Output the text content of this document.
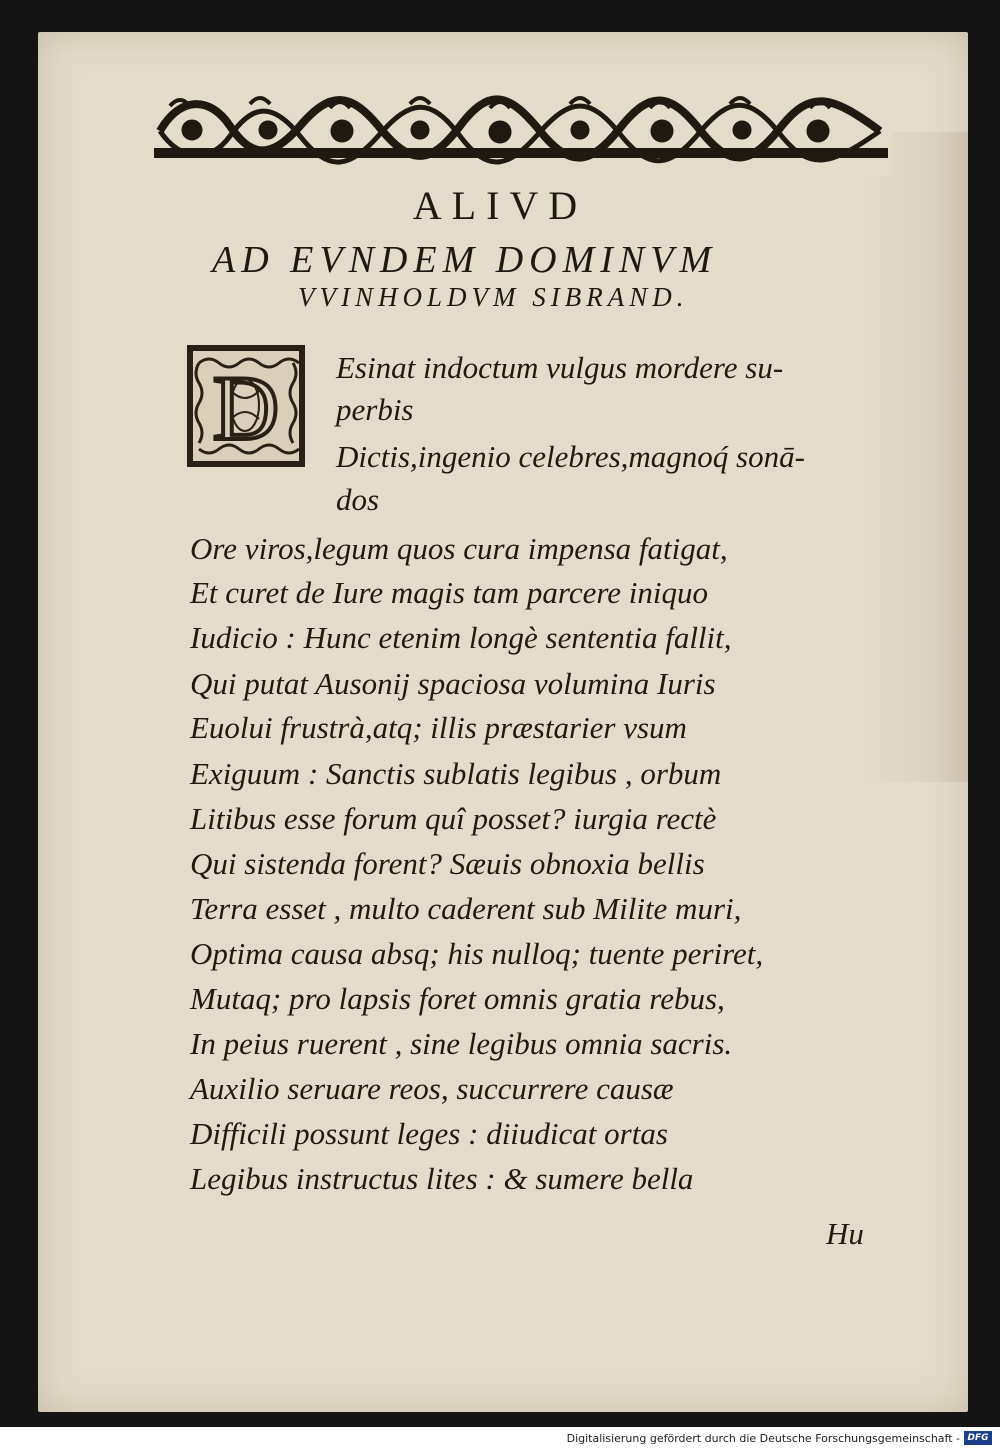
ALIVD
AD EVNDEM DOMINVM
VVINHOLDVM SIBRAND.
D Esinat indoctum vulgus mordere su-
perbis
Dictis,ingenio celebres,magnoq́ sonā-
dos
Ore viros,legum quos cura impensa fatigat,
Et curet de Iure magis tam parcere iniquo
Iudicio : Hunc etenim longè sententia fallit,
Qui putat Ausonij spaciosa volumina Iuris
Euolui frustrà,atq; illis præstarier vsum
Exiguum : Sanctis sublatis legibus , orbum
Litibus esse forum quî posset? iurgia rectè
Qui sistenda forent? Sæuis obnoxia bellis
Terra esset , multo caderent sub Milite muri,
Optima causa absq; his nulloq; tuente periret,
Mutaq; pro lapsis foret omnis gratia rebus,
In peius ruerent , sine legibus omnia sacris.
Auxilio seruare reos, succurrere causæ
Difficili possunt leges : diiudicat ortas
Legibus instructus lites : & sumere bella
Hu
Digitalisierung gefördert durch die Deutsche Forschungsgemeinschaft - DFG
